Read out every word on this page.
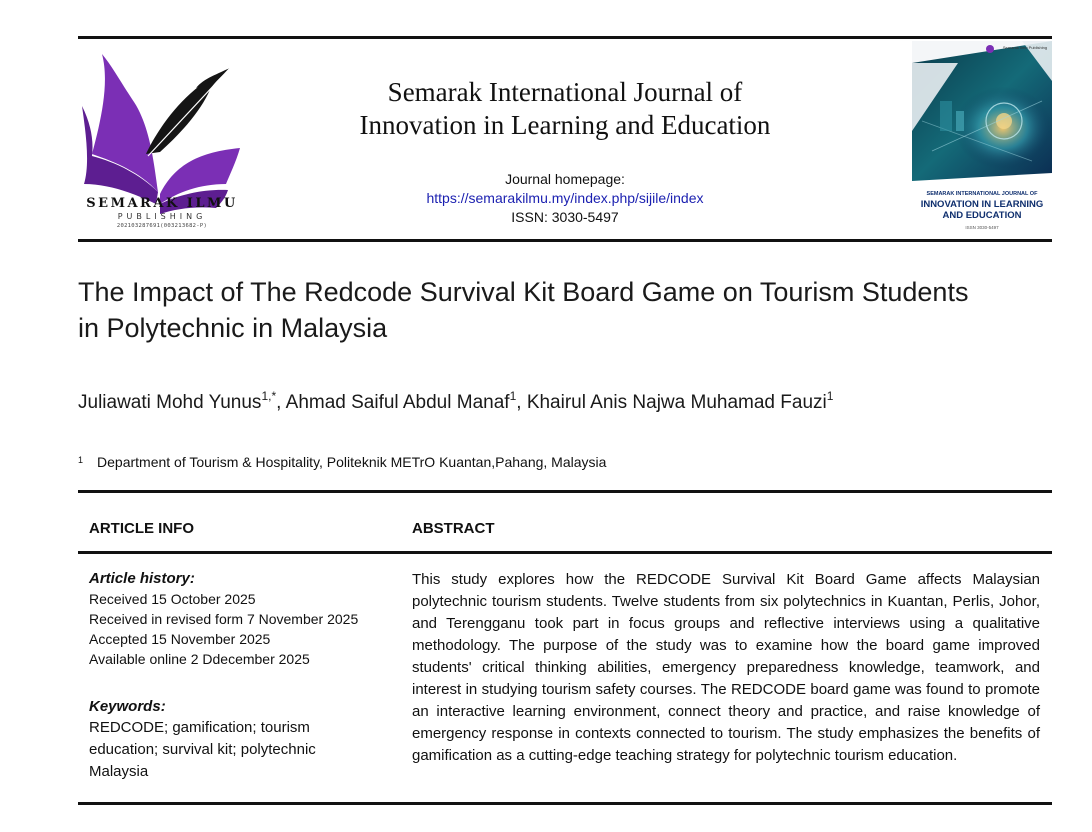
SEMARAK ILMU
PUBLISHING
202103287691(003213682-P)
Semarak International Journal of
Innovation in Learning and Education
Journal homepage:
https://semarakilmu.my/index.php/sijile/index
ISSN: 3030-5497
Semarak Ilmu Publishing
SEMARAK INTERNATIONAL JOURNAL OF
INNOVATION IN LEARNING
AND EDUCATION
ISSN 3030-5497
The Impact of The Redcode Survival Kit Board Game on Tourism Students
in Polytechnic in Malaysia
Juliawati Mohd Yunus$^{1,*}$, Ahmad Saiful Abdul Manaf$^1$, Khairul Anis Najwa Muhamad Fauzi$^1$
$^1$ Department of Tourism & Hospitality, Politeknik METrO Kuantan,Pahang, Malaysia
ARTICLE INFO	ABSTRACT
Article history:
Received 15 October 2025
Received in revised form 7 November 2025
Accepted 15 November 2025
Available online 2 Ddecember 2025
Keywords:
REDCODE; gamification; tourism
education; survival kit; polytechnic
Malaysia
This study explores how the REDCODE Survival Kit Board Game affects Malaysian polytechnic tourism students. Twelve students from six polytechnics in Kuantan, Perlis, Johor, and Terengganu took part in focus groups and reflective interviews using a qualitative methodology. The purpose of the study was to examine how the board game improved students' critical thinking abilities, emergency preparedness knowledge, teamwork, and interest in studying tourism safety courses. The REDCODE board game was found to promote an interactive learning environment, connect theory and practice, and raise knowledge of emergency response in contexts connected to tourism. The study emphasizes the benefits of gamification as a cutting-edge teaching strategy for polytechnic tourism education.
